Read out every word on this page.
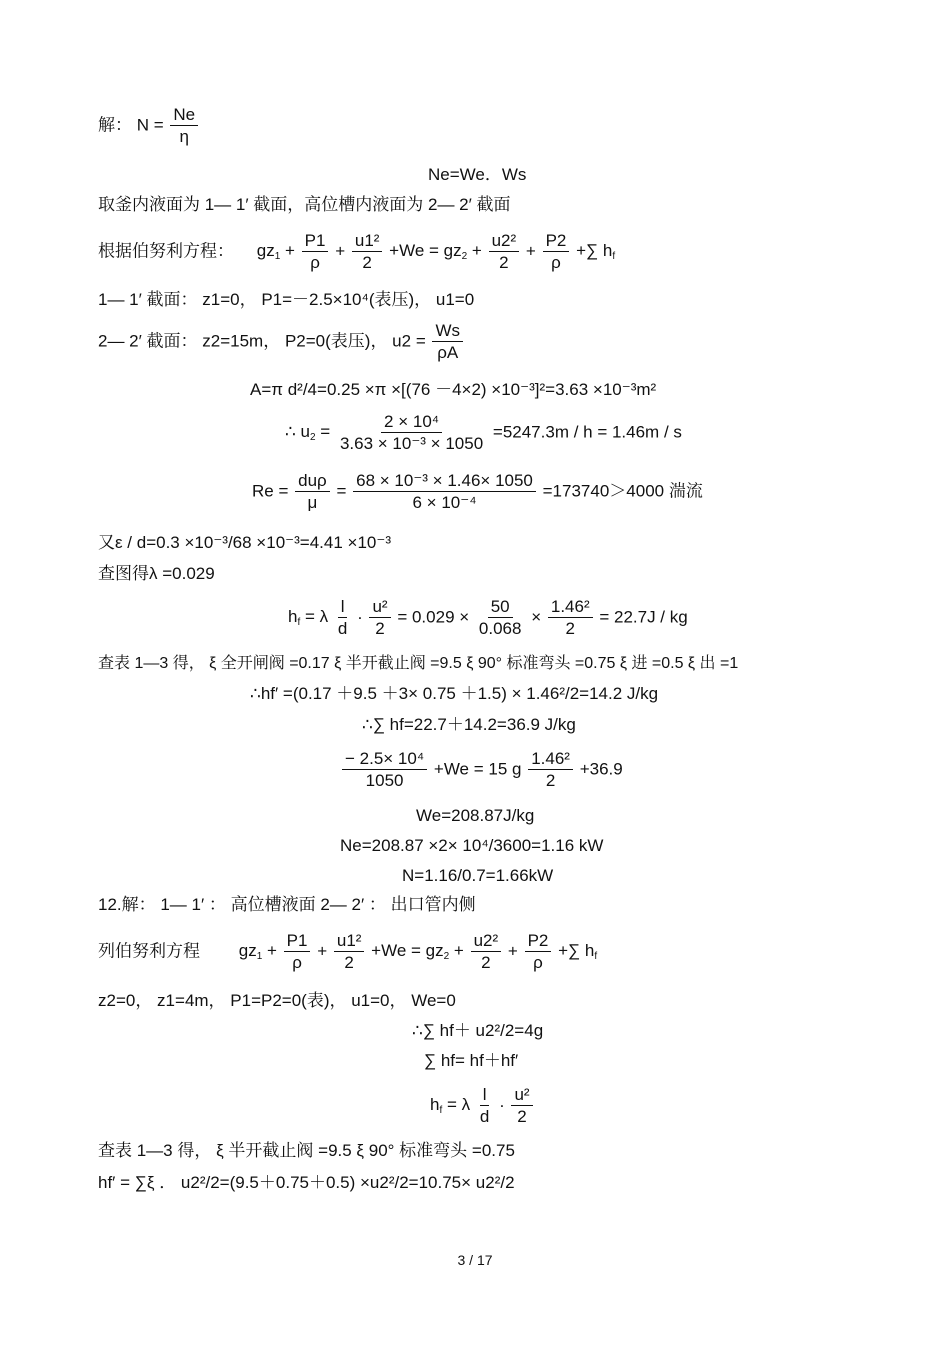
解： $N = \frac{Ne}{\eta}$
Ne=We．Ws
取釜内液面为 1— 1′ 截面，高位槽内液面为 2— 2′ 截面
根据伯努利方程： $gz_1 + \frac{P1}{\rho} + \frac{\text{u1²}}{2} +We = gz_2 + \frac{\text{u2²}}{2} + \frac{P2}{\rho}$ +∑ $h_f$
1— 1′ 截面： z1=0， P1=－2.5×10⁴(表压)， u1=0
2— 2′ 截面： z2=15m， P2=0(表压)， $u2 = \frac{Ws}{\rho A}$
A=π d²/4=0.25 ×π ×[(76 －4×2) ×10⁻³]²=3.63 ×10⁻³m²
∴ $u_2 = \frac{\text{2 × 10⁴}}{\text{3.63 × 10⁻³ × 1050}} =5247.3m / h = 1.46m / s$
$Re = \frac{\text{duρ}}{\mu} = \frac{\text{68 × 10⁻³ × 1.46× 1050}}{\text{6 × 10⁻⁴}} =173740>4000$ 湍流
又ε / d=0.3 ×10⁻³/68 ×10⁻³=4.41 ×10⁻³
查图得λ =0.029
$h_f = \lambda \frac{l}{d} \cdot \frac{\text{u²}}{2} = 0.029 \times \frac{50}{0.068} \times \frac{\text{1.46²}}{2} = 22.7J$ / kg
查表 1—3 得， ξ 全开闸阀 =0.17 ξ 半开截止阀 =9.5 ξ 90° 标准弯头 =0.75 ξ 进 =0.5 ξ 出 =1
∴hf′ =(0.17 ＋9.5 ＋3× 0.75 ＋1.5) × 1.46²/2=14.2 J/kg
∴∑ hf=22.7＋14.2=36.9 J/kg
$\frac{\text{− 2.5× 10⁴}}{1050} +We = 15$ g $\frac{\text{1.46²}}{2} +36.9$
We=208.87J/kg
Ne=208.87 ×2× 10⁴/3600=1.16 kW
N=1.16/0.7=1.66kW
12.解： 1— 1′ ： 高位槽液面 2— 2′ ： 出口管内侧
列伯努利方程 $gz_1 + \frac{P1}{\rho} + \frac{\text{u1²}}{2} +We = gz_2 + \frac{\text{u2²}}{2} + \frac{P2}{\rho}$ +∑ $h_f$
z2=0， z1=4m， P1=P2=0(表)， u1=0， We=0
∴∑ hf＋ u2²/2=4g
∑ hf= hf＋hf′
$h_f = \lambda \frac{l}{d} \cdot \frac{\text{u²}}{2}$
查表 1—3 得， ξ 半开截止阀 =9.5 ξ 90° 标准弯头 =0.75
hf′ = ∑ξ ． u2²/2=(9.5＋0.75＋0.5) ×u2²/2=10.75× u2²/2
3 / 17
